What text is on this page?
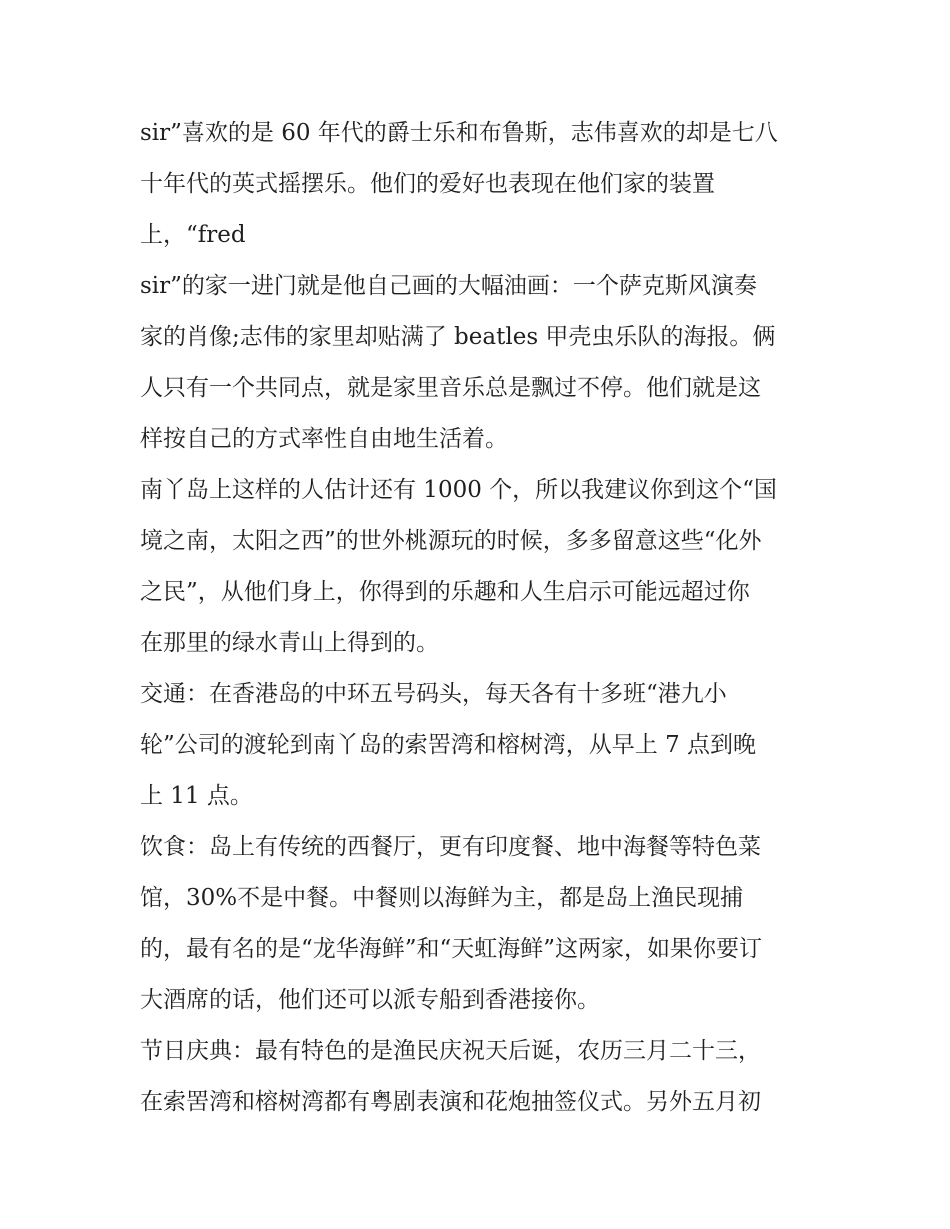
sir”喜欢的是 60 年代的爵士乐和布鲁斯，志伟喜欢的却是七八
十年代的英式摇摆乐。他们的爱好也表现在他们家的装置
上，“fred
sir”的家一进门就是他自己画的大幅油画：一个萨克斯风演奏
家的肖像;志伟的家里却贴满了 beatles 甲壳虫乐队的海报。俩
人只有一个共同点，就是家里音乐总是飘过不停。他们就是这
样按自己的方式率性自由地生活着。
南丫岛上这样的人估计还有 1000 个，所以我建议你到这个“国
境之南，太阳之西”的世外桃源玩的时候，多多留意这些“化外
之民”，从他们身上，你得到的乐趣和人生启示可能远超过你
在那里的绿水青山上得到的。
交通：在香港岛的中环五号码头，每天各有十多班“港九小
轮”公司的渡轮到南丫岛的索罟湾和榕树湾，从早上 7 点到晚
上 11 点。
饮食：岛上有传统的西餐厅，更有印度餐、地中海餐等特色菜
馆，30%不是中餐。中餐则以海鲜为主，都是岛上渔民现捕
的，最有名的是“龙华海鲜”和“天虹海鲜”这两家，如果你要订
大酒席的话，他们还可以派专船到香港接你。
节日庆典：最有特色的是渔民庆祝天后诞，农历三月二十三，
在索罟湾和榕树湾都有粤剧表演和花炮抽签仪式。另外五月初
